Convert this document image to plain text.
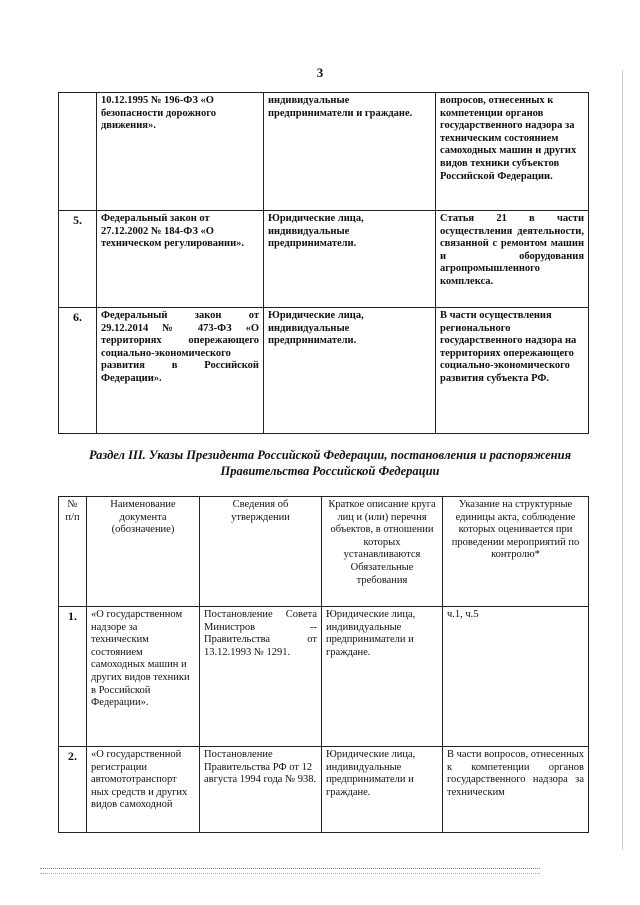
3
	10.12.1995 № 196-ФЗ «О безопасности дорожного движения».	индивидуальные предприниматели и граждане.	вопросов, отнесенных к компетенции органов государственного надзора за техническим состоянием самоходных машин и других видов техники субъектов Российской Федерации.
5.	Федеральный закон от 27.12.2002 № 184-ФЗ «О техническом регулировании».	Юридические лица, индивидуальные предприниматели.	Статья 21 в части осуществления деятельности, связанной с ремонтом машин и оборудования агропромышленного комплекса.
6.	Федеральный закон от 29.12.2014 № 473-ФЗ «О территориях опережающего социально-экономического развития в Российской Федерации».	Юридические лица, индивидуальные предприниматели.	В части осуществления регионального государственного надзора на территориях опережающего социально-экономического развития субъекта РФ.
Раздел III. Указы Президента Российской Федерации, постановления и распоряжения Правительства Российской Федерации
№ п/п	Наименование документа (обозначение)	Сведения об утверждении	Краткое описание круга лиц и (или) перечня объектов, в отношении которых устанавливаются Обязательные требования	Указание на структурные единицы акта, соблюдение которых оценивается при проведении мероприятий по контролю*
1.	«О государственном надзоре за техническим состоянием самоходных машин и других видов техники в Российской Федерации».	Постановление Совета Министров -- Правительства от 13.12.1993 № 1291.	Юридические лица, индивидуальные предприниматели и граждане.	ч.1, ч.5
2.	«О государственной регистрации автомототранспорт ных средств и других видов самоходной	Постановление Правительства РФ от 12 августа 1994 года № 938.	Юридические лица, индивидуальные предприниматели и граждане.	В части вопросов, отнесенных к компетенции органов государственного надзора за техническим
